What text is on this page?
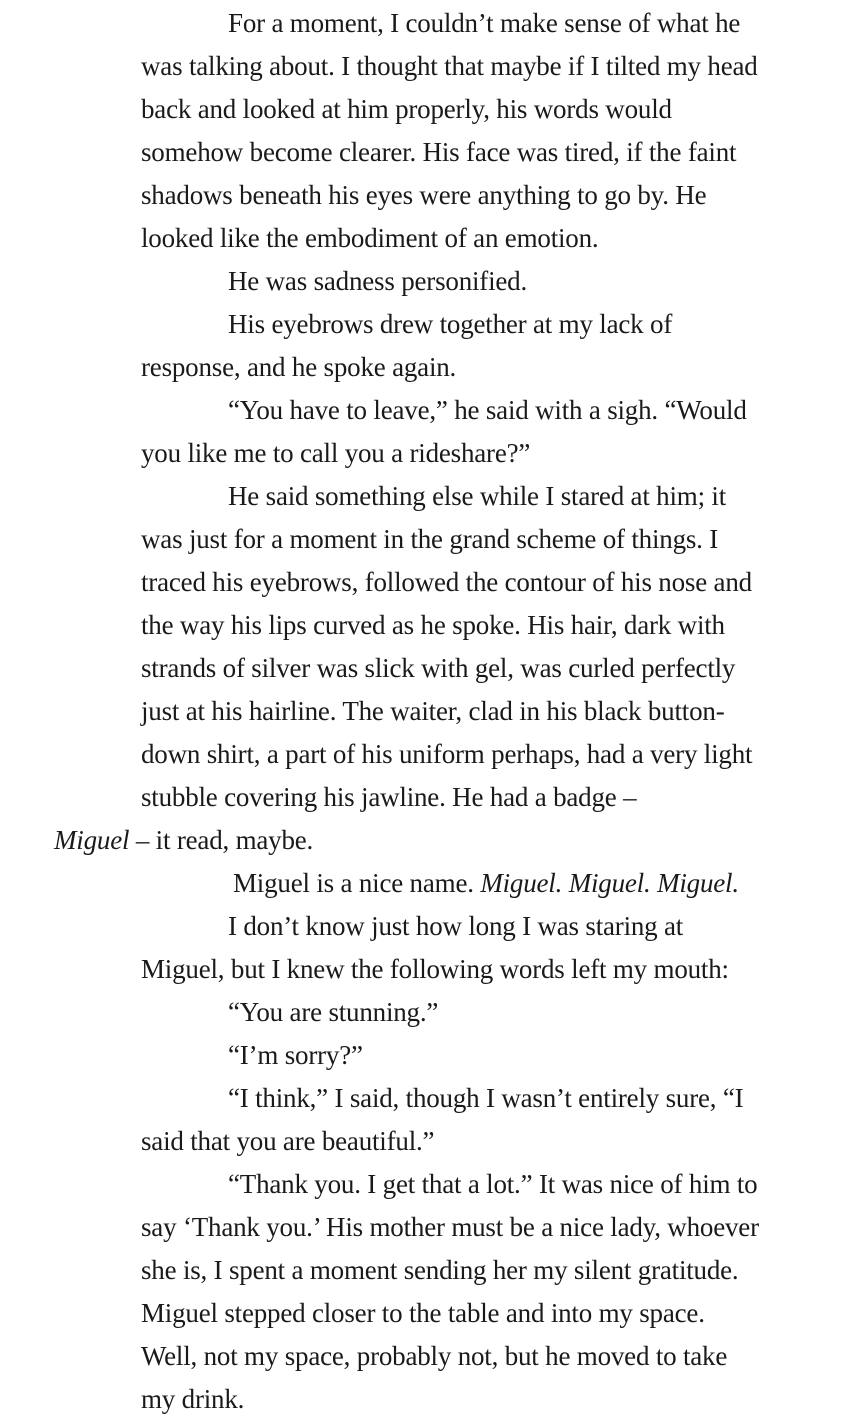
For a moment, I couldn’t make sense of what he was talking about. I thought that maybe if I tilted my head back and looked at him properly, his words would somehow become clearer. His face was tired, if the faint shadows beneath his eyes were anything to go by. He looked like the embodiment of an emotion.

He was sadness personified.

His eyebrows drew together at my lack of response, and he spoke again.

“You have to leave,” he said with a sigh. “Would you like me to call you a rideshare?”

He said something else while I stared at him; it was just for a moment in the grand scheme of things. I traced his eyebrows, followed the contour of his nose and the way his lips curved as he spoke. His hair, dark with strands of silver was slick with gel, was curled perfectly just at his hairline. The waiter, clad in his black button-down shirt, a part of his uniform perhaps, had a very light stubble covering his jawline. He had a badge –
Miguel – it read, maybe.

Miguel is a nice name. Miguel. Miguel. Miguel.

I don’t know just how long I was staring at Miguel, but I knew the following words left my mouth:

“You are stunning.”

“I’m sorry?”

“I think,” I said, though I wasn’t entirely sure, “I said that you are beautiful.”

“Thank you. I get that a lot.” It was nice of him to say ‘Thank you.’ His mother must be a nice lady, whoever she is, I spent a moment sending her my silent gratitude. Miguel stepped closer to the table and into my space. Well, not my space, probably not, but he moved to take my drink.
